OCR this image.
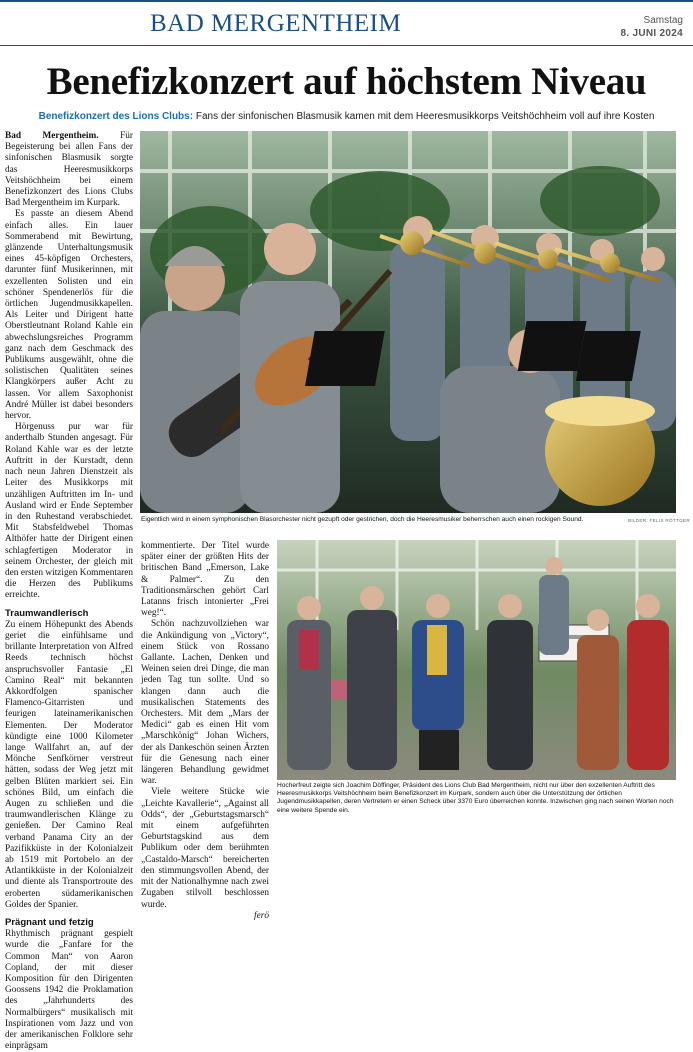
BAD MERGENTHEIM	Samstag
8. JUNI 2024
Benefizkonzert auf höchstem Niveau
Benefizkonzert des Lions Clubs: Fans der sinfonischen Blasmusik kamen mit dem Heeresmusikkorps Veitshöchheim voll auf ihre Kosten

Bad Mergentheim. Für Begeisterung bei allen Fans der sinfonischen Blasmusik sorgte das Heeresmusikkorps Veitshöchheim bei einem Benefizkonzert des Lions Clubs Bad Mergentheim im Kurpark.

Es passte an diesem Abend einfach alles. Ein lauer Sommerabend mit Bewirtung, glänzende Unterhaltungsmusik eines 45-köpfigen Orchesters, darunter fünf Musikerinnen, mit exzellenten Solisten und ein schöner Spendenerlös für die örtlichen Jugendmusikkapellen. Als Leiter und Dirigent hatte Oberstleutnant Roland Kahle ein abwechslungsreiches Programm ganz nach dem Geschmack des Publikums ausgewählt, ohne die solistischen Qualitäten seines Klangkörpers außer Acht zu lassen. Vor allem Saxophonist André Müller ist dabei besonders hervor.

Hörgenuss pur war für anderthalb Stunden angesagt. Für Roland Kahle war es der letzte Auftritt in der Kurstadt, denn nach neun Jahren Dienstzeit als Leiter des Musikkorps mit unzähligen Auftritten im In- und Ausland wird er Ende September in den Ruhestand verabschiedet. Mit Stabsfeldwebel Thomas Althöfer hatte der Dirigent einen schlagfertigen Moderator in seinem Orchester, der gleich mit den ersten witzigen Kommentaren die Herzen des Publikums erreichte.

Traumwandlerisch

Zu einem Höhepunkt des Abends geriet die einfühlsame und brillante Interpretation von Alfred Reeds technisch höchst anspruchsvoller Fantasie „El Camino Real“ mit bekannten Akkordfolgen spanischer Flamenco-Gitarristen und feurigen lateinamerikanischen Elementen. Der Moderator kündigte eine 1000 Kilometer lange Wallfahrt an, auf der Mönche Senfkörner verstreut hätten, sodass der Weg jetzt mit gelben Blüten markiert sei. Ein schönes Bild, um einfach die Augen zu schließen und die traumwandlerischen Klänge zu genießen. Der Camino Real verband Panama City an der Pazifikküste in der Kolonialzeit ab 1519 mit Portobelo an der Atlantikküste in der Kolonialzeit und diente als Transportroute des eroberten südamerikanischen Goldes der Spanier.

Prägnant und fetzig

Rhythmisch prägnant gespielt wurde die „Fanfare for the Common Man“ von Aaron Copland, der mit dieser Komposition für den Dirigenten Goossens 1942 die Proklamation des „Jahrhunderts des Normalbürgers“ musikalisch mit Inspirationen vom Jazz und von der amerikanischen Folklore sehr einprägsam

kommentierte. Der Titel wurde später einer der größten Hits der britischen Band „Emerson, Lake & Palmer“. Zu den Traditionsmärschen gehört Carl Latanns frisch intonierter „Frei weg!“.

Schön nachzuvollziehen war die Ankündigung von „Victory“, einem Stück von Rossano Gallante. Lachen, Denken und Weinen seien drei Dinge, die man jeden Tag tun sollte. Und so klangen dann auch die musikalischen Statements des Orchesters. Mit dem „Mars der Medici“ gab es einen Hit vom „Marschkönig“ Johan Wichers, der als Dankeschön seinen Ärzten für die Genesung nach einer längeren Behandlung gewidmet war.

Viele weitere Stücke wie „Leichte Kavallerie“, „Against all Odds“, der „Geburtstagsmarsch“ mit einem aufgeführten Geburtstagskind aus dem Publikum oder dem berühmten „Castaldo-Marsch“ bereicherten den stimmungsvollen Abend, der mit der Nationalhymne nach zwei Zugaben stilvoll beschlossen wurde.

ferö

Eigentlich wird in einem symphonischen Blasorchester nicht gezupft oder gestrichen, doch die Heeresmusiker beherrschen auch einen rockigen Sound.	BILDER: FELIX RÖTTGER
Hocherfreut zeigte sich Joachim Döffinger, Präsident des Lions Club Bad Mergentheim, nicht nur über den exzellenten Auftritt des Heeresmusikkorps Veitshöchheim beim Benefizkonzert im Kurpark, sondern auch über die Unterstützung der örtlichen Jugendmusikkapellen, deren Vertretern er einen Scheck über 3370 Euro überreichen konnte. Inzwischen ging nach seinen Worten noch eine weitere Spende ein.
